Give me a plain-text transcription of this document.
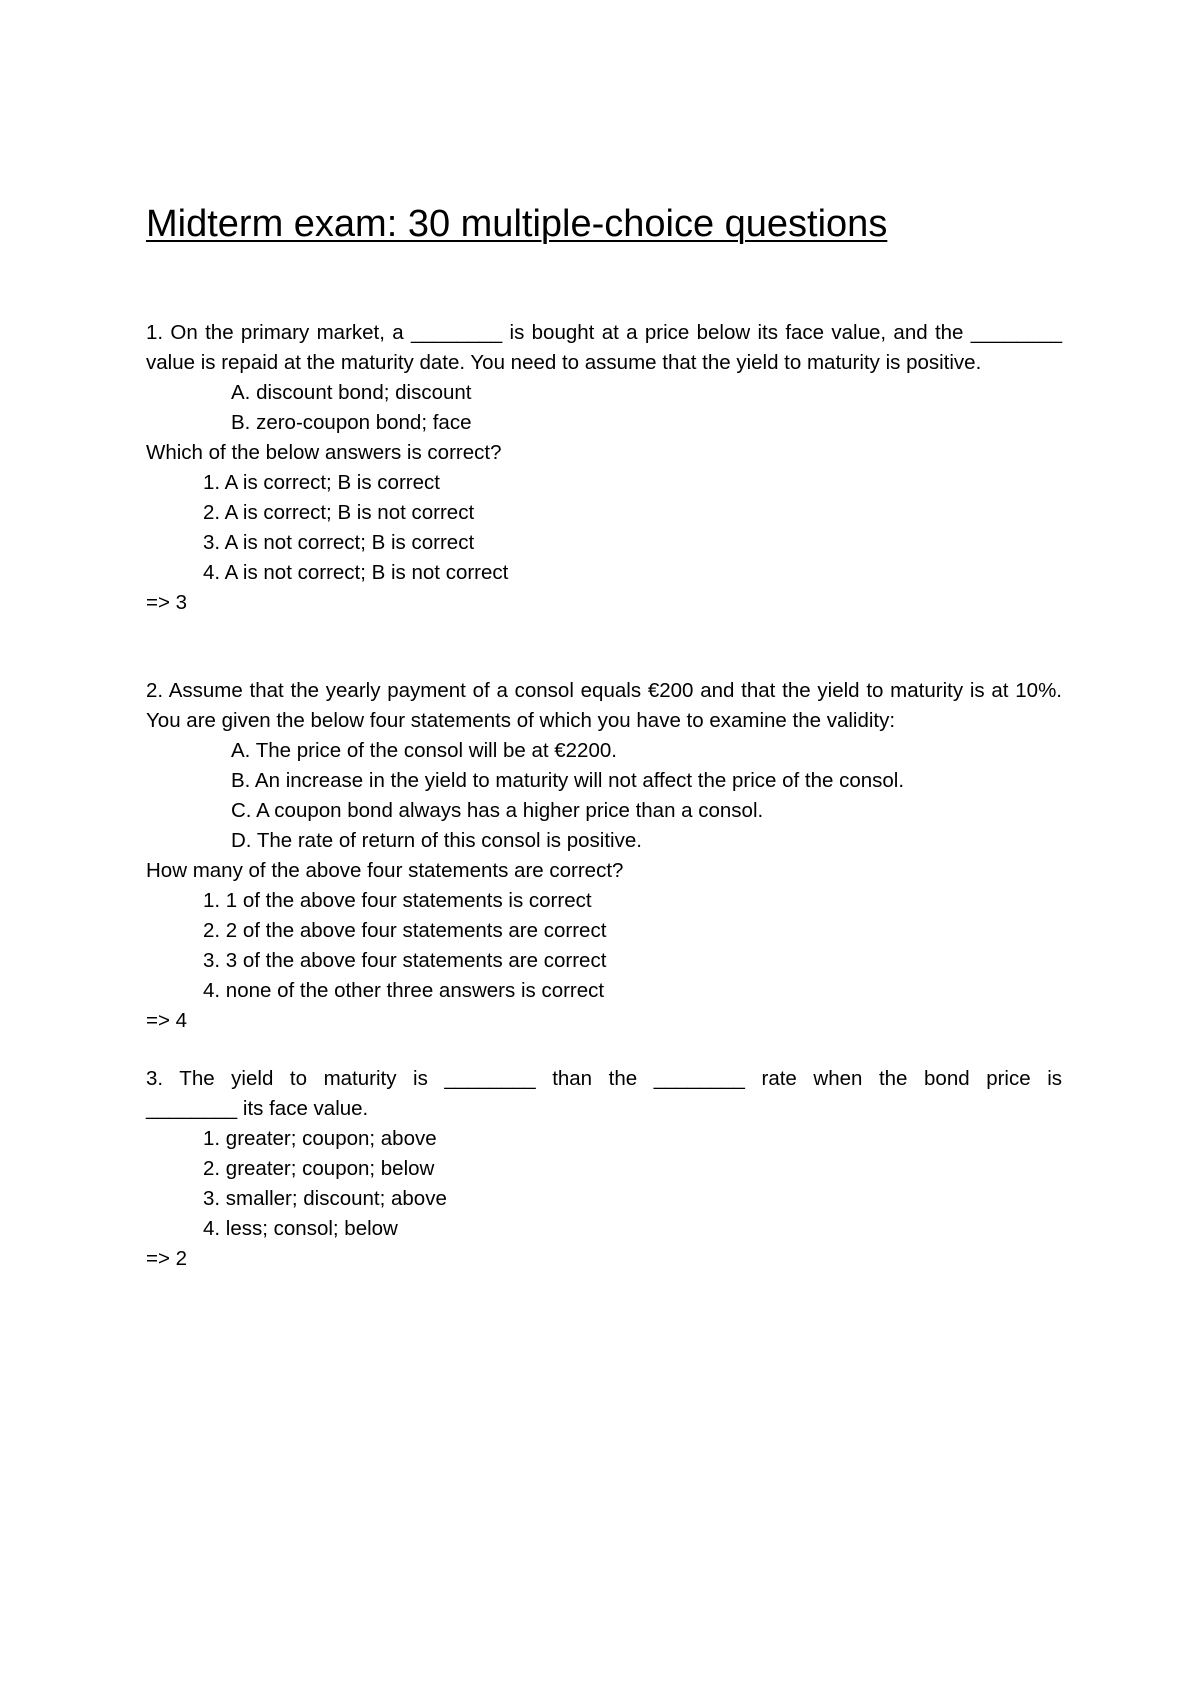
Midterm exam: 30 multiple-choice questions

1. On the primary market, a ________ is bought at a price below its face value, and the ________ value is repaid at the maturity date. You need to assume that the yield to maturity is positive.

A. discount bond; discount

B. zero-coupon bond; face

Which of the below answers is correct?

1. A is correct; B is correct

2. A is correct; B is not correct

3. A is not correct; B is correct

4. A is not correct; B is not correct

=> 3

2. Assume that the yearly payment of a consol equals €200 and that the yield to maturity is at 10%. You are given the below four statements of which you have to examine the validity:

A. The price of the consol will be at €2200.

B. An increase in the yield to maturity will not affect the price of the consol.

C. A coupon bond always has a higher price than a consol.

D. The rate of return of this consol is positive.

How many of the above four statements are correct?

1. 1 of the above four statements is correct

2. 2 of the above four statements are correct

3. 3 of the above four statements are correct

4. none of the other three answers is correct

=> 4

3. The yield to maturity is ________ than the ________ rate when the bond price is

________ its face value.

1. greater; coupon; above

2. greater; coupon; below

3. smaller; discount; above

4. less; consol; below

=> 2
